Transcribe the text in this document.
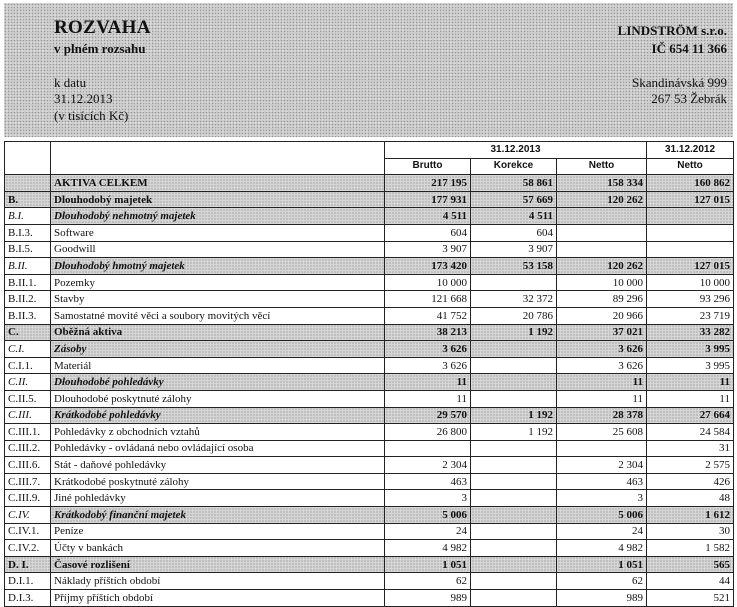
ROZVAHA
v plném rozsahu
k datu
31.12.2013
(v tisících Kč)
LINDSTRÖM s.r.o.
IČ 654 11 366
Skandinávská 999
267 53 Žebrák
		31.12.2013			31.12.2012
		Brutto	Korekce	Netto	Netto
	AKTIVA CELKEM	217 195	58 861	158 334	160 862
B.	Dlouhodobý majetek	177 931	57 669	120 262	127 015
B.I.	Dlouhodobý nehmotný majetek	4 511	4 511		
B.I.3.	Software	604	604		
B.I.5.	Goodwill	3 907	3 907		
B.II.	Dlouhodobý hmotný majetek	173 420	53 158	120 262	127 015
B.II.1.	Pozemky	10 000		10 000	10 000
B.II.2.	Stavby	121 668	32 372	89 296	93 296
B.II.3.	Samostatné movité věci a soubory movitých věcí	41 752	20 786	20 966	23 719
C.	Oběžná aktiva	38 213	1 192	37 021	33 282
C.I.	Zásoby	3 626		3 626	3 995
C.I.1.	Materiál	3 626		3 626	3 995
C.II.	Dlouhodobé pohledávky	11		11	11
C.II.5.	Dlouhodobé poskytnuté zálohy	11		11	11
C.III.	Krátkodobé pohledávky	29 570	1 192	28 378	27 664
C.III.1.	Pohledávky z obchodních vztahů	26 800	1 192	25 608	24 584
C.III.2.	Pohledávky - ovládaná nebo ovládající osoba				31
C.III.6.	Stát - daňové pohledávky	2 304		2 304	2 575
C.III.7.	Krátkodobé poskytnuté zálohy	463		463	426
C.III.9.	Jiné pohledávky	3		3	48
C.IV.	Krátkodobý finanční majetek	5 006		5 006	1 612
C.IV.1.	Peníze	24		24	30
C.IV.2.	Účty v bankách	4 982		4 982	1 582
D. I.	Časové rozlišení	1 051		1 051	565
D.I.1.	Náklady příštích období	62		62	44
D.I.3.	Příjmy příštích období	989		989	521
